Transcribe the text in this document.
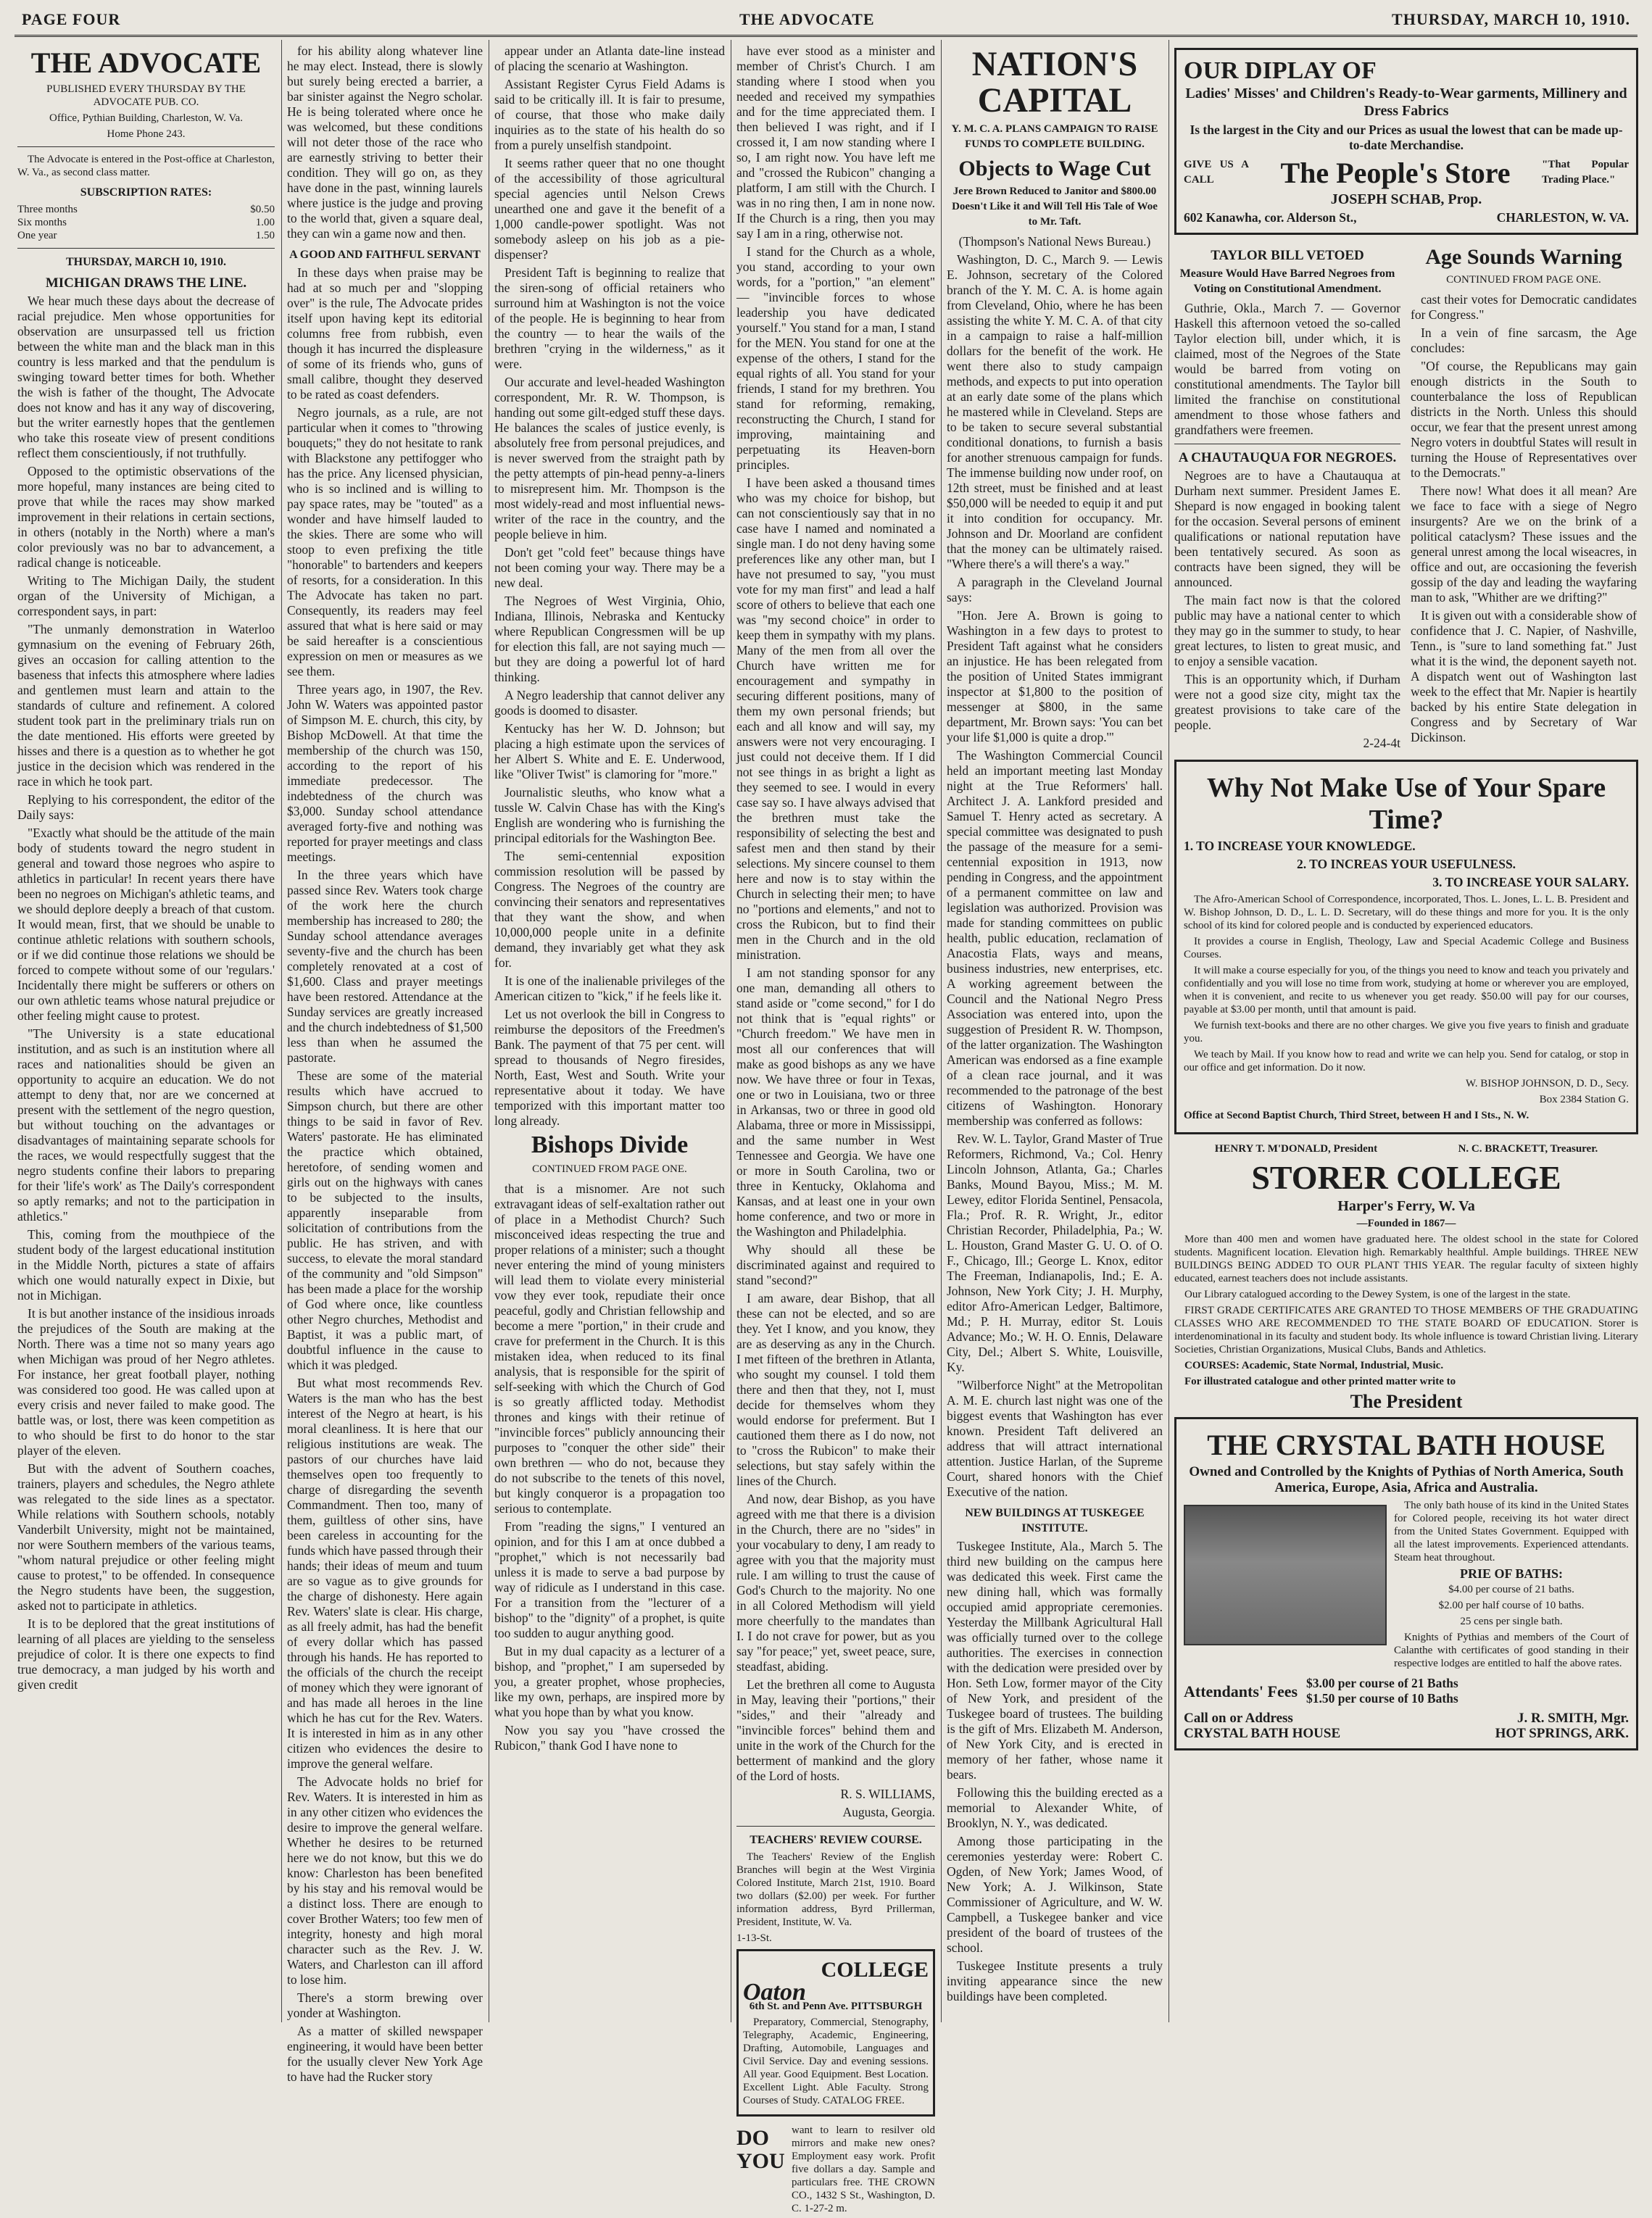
PAGE FOUR	THE ADVOCATE	THURSDAY, MARCH 10, 1910.
THE ADVOCATE

PUBLISHED EVERY THURSDAY BY THE ADVOCATE PUB. CO.

Office, Pythian Building, Charleston, W. Va.

Home Phone 243.

The Advocate is entered in the Post-office at Charleston, W. Va., as second class matter.

SUBSCRIPTION RATES:

Three months	$0.50
Six months	1.00
One year	1.50

THURSDAY, MARCH 10, 1910.

MICHIGAN DRAWS THE LINE.

We hear much these days about the decrease of racial prejudice. Men whose opportunities for observation are unsurpassed tell us friction between the white man and the black man in this country is less marked and that the pendulum is swinging toward better times for both. Whether the wish is father of the thought, The Advocate does not know and has it any way of discovering, but the writer earnestly hopes that the gentlemen who take this roseate view of present conditions reflect them conscientiously, if not truthfully.

Opposed to the optimistic observations of the more hopeful, many instances are being cited to prove that while the races may show marked improvement in their relations in certain sections, in others (notably in the North) where a man's color previously was no bar to advancement, a radical change is noticeable.

Writing to The Michigan Daily, the student organ of the University of Michigan, a correspondent says, in part:

"The unmanly demonstration in Waterloo gymnasium on the evening of February 26th, gives an occasion for calling attention to the baseness that infects this atmosphere where ladies and gentlemen must learn and attain to the standards of culture and refinement. A colored student took part in the preliminary trials run on the date mentioned. His efforts were greeted by hisses and there is a question as to whether he got justice in the decision which was rendered in the race in which he took part.

Replying to his correspondent, the editor of the Daily says:

"Exactly what should be the attitude of the main body of students toward the negro student in general and toward those negroes who aspire to athletics in particular! In recent years there have been no negroes on Michigan's athletic teams, and we should deplore deeply a breach of that custom. It would mean, first, that we should be unable to continue athletic relations with southern schools, or if we did continue those relations we should be forced to compete without some of our 'regulars.' Incidentally there might be sufferers or others on our own athletic teams whose natural prejudice or other feeling might cause to protest.

"The University is a state educational institution, and as such is an institution where all races and nationalities should be given an opportunity to acquire an education. We do not attempt to deny that, nor are we concerned at present with the settlement of the negro question, but without touching on the advantages or disadvantages of maintaining separate schools for the races, we would respectfully suggest that the negro students confine their labors to preparing for their 'life's work' as The Daily's correspondent so aptly remarks; and not to the participation in athletics."

This, coming from the mouthpiece of the student body of the largest educational institution in the Middle North, pictures a state of affairs which one would naturally expect in Dixie, but not in Michigan.

It is but another instance of the insidious inroads the prejudices of the South are making at the North. There was a time not so many years ago when Michigan was proud of her Negro athletes. For instance, her great football player, nothing was considered too good. He was called upon at every crisis and never failed to make good. The battle was, or lost, there was keen competition as to who should be first to do honor to the star player of the eleven.

But with the advent of Southern coaches, trainers, players and schedules, the Negro athlete was relegated to the side lines as a spectator. While relations with Southern schools, notably Vanderbilt University, might not be maintained, nor were Southern members of the various teams, "whom natural prejudice or other feeling might cause to protest," to be offended. In consequence the Negro students have been, the suggestion, asked not to participate in athletics.

It is to be deplored that the great institutions of learning of all places are yielding to the senseless prejudice of color. It is there one expects to find true democracy, a man judged by his worth and given credit

for his ability along whatever line he may elect. Instead, there is slowly but surely being erected a barrier, a bar sinister against the Negro scholar. He is being tolerated where once he was welcomed, but these conditions will not deter those of the race who are earnestly striving to better their condition. They will go on, as they have done in the past, winning laurels where justice is the judge and proving to the world that, given a square deal, they can win a game now and then.

A GOOD AND FAITHFUL SERVANT

In these days when praise may be had at so much per and "slopping over" is the rule, The Advocate prides itself upon having kept its editorial columns free from rubbish, even though it has incurred the displeasure of some of its friends who, guns of small calibre, thought they deserved to be rated as coast defenders.

Negro journals, as a rule, are not particular when it comes to "throwing bouquets;" they do not hesitate to rank with Blackstone any pettifogger who has the price. Any licensed physician, who is so inclined and is willing to pay space rates, may be "touted" as a wonder and have himself lauded to the skies. There are some who will stoop to even prefixing the title "honorable" to bartenders and keepers of resorts, for a consideration. In this The Advocate has taken no part. Consequently, its readers may feel assured that what is here said or may be said hereafter is a conscientious expression on men or measures as we see them.

Three years ago, in 1907, the Rev. John W. Waters was appointed pastor of Simpson M. E. church, this city, by Bishop McDowell. At that time the membership of the church was 150, according to the report of his immediate predecessor. The indebtedness of the church was $3,000. Sunday school attendance averaged forty-five and nothing was reported for prayer meetings and class meetings.

In the three years which have passed since Rev. Waters took charge of the work here the church membership has increased to 280; the Sunday school attendance averages seventy-five and the church has been completely renovated at a cost of $1,600. Class and prayer meetings have been restored. Attendance at the Sunday services are greatly increased and the church indebtedness of $1,500 less than when he assumed the pastorate.

These are some of the material results which have accrued to Simpson church, but there are other things to be said in favor of Rev. Waters' pastorate. He has eliminated the practice which obtained, heretofore, of sending women and girls out on the highways with canes to be subjected to the insults, apparently inseparable from solicitation of contributions from the public. He has striven, and with success, to elevate the moral standard of the community and "old Simpson" has been made a place for the worship of God where once, like countless other Negro churches, Methodist and Baptist, it was a public mart, of doubtful influence in the cause to which it was pledged.

But what most recommends Rev. Waters is the man who has the best interest of the Negro at heart, is his moral cleanliness. It is here that our religious institutions are weak. The pastors of our churches have laid themselves open too frequently to charge of disregarding the seventh Commandment. Then too, many of them, guiltless of other sins, have been careless in accounting for the funds which have passed through their hands; their ideas of meum and tuum are so vague as to give grounds for the charge of dishonesty. Here again Rev. Waters' slate is clear. His charge, as all freely admit, has had the benefit of every dollar which has passed through his hands. He has reported to the officials of the church the receipt of money which they were ignorant of and has made all heroes in the line which he has cut for the Rev. Waters. It is interested in him as in any other citizen who evidences the desire to improve the general welfare.

The Advocate holds no brief for Rev. Waters. It is interested in him as in any other citizen who evidences the desire to improve the general welfare. Whether he desires to be returned here we do not know, but this we do know: Charleston has been benefited by his stay and his removal would be a distinct loss. There are enough to cover Brother Waters; too few men of integrity, honesty and high moral character such as the Rev. J. W. Waters, and Charleston can ill afford to lose him.

There's a storm brewing over yonder at Washington.

As a matter of skilled newspaper engineering, it would have been better for the usually clever New York Age to have had the Rucker story

appear under an Atlanta date-line instead of placing the scenario at Washington.

Assistant Register Cyrus Field Adams is said to be critically ill. It is fair to presume, of course, that those who make daily inquiries as to the state of his health do so from a purely unselfish standpoint.

It seems rather queer that no one thought of the accessibility of those agricultural special agencies until Nelson Crews unearthed one and gave it the benefit of a 1,000 candle-power spotlight. Was not somebody asleep on his job as a pie-dispenser?

President Taft is beginning to realize that the siren-song of official retainers who surround him at Washington is not the voice of the people. He is beginning to hear from the country — to hear the wails of the brethren "crying in the wilderness," as it were.

Our accurate and level-headed Washington correspondent, Mr. R. W. Thompson, is handing out some gilt-edged stuff these days. He balances the scales of justice evenly, is absolutely free from personal prejudices, and is never swerved from the straight path by the petty attempts of pin-head penny-a-liners to misrepresent him. Mr. Thompson is the most widely-read and most influential news-writer of the race in the country, and the people believe in him.

Don't get "cold feet" because things have not been coming your way. There may be a new deal.

The Negroes of West Virginia, Ohio, Indiana, Illinois, Nebraska and Kentucky where Republican Congressmen will be up for election this fall, are not saying much — but they are doing a powerful lot of hard thinking.

A Negro leadership that cannot deliver any goods is doomed to disaster.

Kentucky has her W. D. Johnson; but placing a high estimate upon the services of her Albert S. White and E. E. Underwood, like "Oliver Twist" is clamoring for "more."

Journalistic sleuths, who know what a tussle W. Calvin Chase has with the King's English are wondering who is furnishing the principal editorials for the Washington Bee.

The semi-centennial exposition commission resolution will be passed by Congress. The Negroes of the country are convincing their senators and representatives that they want the show, and when 10,000,000 people unite in a definite demand, they invariably get what they ask for.

It is one of the inalienable privileges of the American citizen to "kick," if he feels like it.

Let us not overlook the bill in Congress to reimburse the depositors of the Freedmen's Bank. The payment of that 75 per cent. will spread to thousands of Negro firesides, North, East, West and South. Write your representative about it today. We have temporized with this important matter too long already.

Bishops Divide

CONTINUED FROM PAGE ONE.

that is a misnomer. Are not such extravagant ideas of self-exaltation rather out of place in a Methodist Church? Such misconceived ideas respecting the true and proper relations of a minister; such a thought never entering the mind of young ministers will lead them to violate every ministerial vow they ever took, repudiate their once peaceful, godly and Christian fellowship and become a mere "portion," in their crude and crave for preferment in the Church. It is this mistaken idea, when reduced to its final analysis, that is responsible for the spirit of self-seeking with which the Church of God is so greatly afflicted today. Methodist thrones and kings with their retinue of "invincible forces" publicly announcing their purposes to "conquer the other side" their own brethren — who do not, because they do not subscribe to the tenets of this novel, but kingly conqueror is a propagation too serious to contemplate.

From "reading the signs," I ventured an opinion, and for this I am at once dubbed a "prophet," which is not necessarily bad unless it is made to serve a bad purpose by way of ridicule as I understand in this case. For a transition from the "lecturer of a bishop" to the "dignity" of a prophet, is quite too sudden to augur anything good.

But in my dual capacity as a lecturer of a bishop, and "prophet," I am superseded by you, a greater prophet, whose prophecies, like my own, perhaps, are inspired more by what you hope than by what you know.

Now you say you "have crossed the Rubicon," thank God I have none to

have ever stood as a minister and member of Christ's Church. I am standing where I stood when you needed and received my sympathies and for the time appreciated them. I then believed I was right, and if I crossed it, I am now standing where I so, I am right now. You have left me and "crossed the Rubicon" changing a platform, I am still with the Church. I was in no ring then, I am in none now. If the Church is a ring, then you may say I am in a ring, otherwise not.

I stand for the Church as a whole, you stand, according to your own words, for a "portion," "an element" — "invincible forces to whose leadership you have dedicated yourself." You stand for a man, I stand for the MEN. You stand for one at the expense of the others, I stand for the equal rights of all. You stand for your friends, I stand for my brethren. You stand for reforming, remaking, reconstructing the Church, I stand for improving, maintaining and perpetuating its Heaven-born principles.

I have been asked a thousand times who was my choice for bishop, but can not conscientiously say that in no case have I named and nominated a single man. I do not deny having some preferences like any other man, but I have not presumed to say, "you must vote for my man first" and lead a half score of others to believe that each one was "my second choice" in order to keep them in sympathy with my plans. Many of the men from all over the Church have written me for encouragement and sympathy in securing different positions, many of them my own personal friends; but each and all know and will say, my answers were not very encouraging. I just could not deceive them. If I did not see things in as bright a light as they seemed to see. I would in every case say so. I have always advised that the brethren must take the responsibility of selecting the best and safest men and then stand by their selections. My sincere counsel to them here and now is to stay within the Church in selecting their men; to have no "portions and elements," and not to cross the Rubicon, but to find their men in the Church and in the old ministration.

I am not standing sponsor for any one man, demanding all others to stand aside or "come second," for I do not think that is "equal rights" or "Church freedom." We have men in most all our conferences that will make as good bishops as any we have now. We have three or four in Texas, one or two in Louisiana, two or three in Arkansas, two or three in good old Alabama, three or more in Mississippi, and the same number in West Tennessee and Georgia. We have one or more in South Carolina, two or three in Kentucky, Oklahoma and Kansas, and at least one in your own home conference, and two or more in the Washington and Philadelphia.

Why should all these be discriminated against and required to stand "second?"

I am aware, dear Bishop, that all these can not be elected, and so are they. Yet I know, and you know, they are as deserving as any in the Church. I met fifteen of the brethren in Atlanta, who sought my counsel. I told them there and then that they, not I, must decide for themselves whom they would endorse for preferment. But I cautioned them there as I do now, not to "cross the Rubicon" to make their selections, but stay safely within the lines of the Church.

And now, dear Bishop, as you have agreed with me that there is a division in the Church, there are no "sides" in your vocabulary to deny, I am ready to agree with you that the majority must rule. I am willing to trust the cause of God's Church to the majority. No one in all Colored Methodism will yield more cheerfully to the mandates than I. I do not crave for power, but as you say "for peace;" yet, sweet peace, sure, steadfast, abiding.

Let the brethren all come to Augusta in May, leaving their "portions," their "sides," and their "already and "invincible forces" behind them and unite in the work of the Church for the betterment of mankind and the glory of the Lord of hosts.

R. S. WILLIAMS,

Augusta, Georgia.

TEACHERS' REVIEW COURSE.

The Teachers' Review of the English Branches will begin at the West Virginia Colored Institute, March 21st, 1910. Board two dollars ($2.00) per week. For further information address, Byrd Prillerman, President, Institute, W. Va.

1-13-St.

COLLEGE
Oaton

6th St. and Penn Ave. PITTSBURGH

Preparatory, Commercial, Stenography, Telegraphy, Academic, Engineering, Drafting, Automobile, Languages and Civil Service. Day and evening sessions. All year. Good Equipment. Best Location. Excellent Light. Able Faculty. Strong Courses of Study. CATALOG FREE.

DO YOU

want to learn to resilver old mirrors and make new ones? Employment easy work. Profit five dollars a day. Sample and particulars free. THE CROWN CO., 1432 S St., Washington, D. C. 1-27-2 m.

NATION'S CAPITAL

Y. M. C. A. PLANS CAMPAIGN TO RAISE FUNDS TO COMPLETE BUILDING.

Objects to Wage Cut

Jere Brown Reduced to Janitor and $800.00 Doesn't Like it and Will Tell His Tale of Woe to Mr. Taft.

(Thompson's National News Bureau.)

Washington, D. C., March 9. — Lewis E. Johnson, secretary of the Colored branch of the Y. M. C. A. is home again from Cleveland, Ohio, where he has been assisting the white Y. M. C. A. of that city in a campaign to raise a half-million dollars for the benefit of the work. He went there also to study campaign methods, and expects to put into operation at an early date some of the plans which he mastered while in Cleveland. Steps are to be taken to secure several substantial conditional donations, to furnish a basis for another strenuous campaign for funds. The immense building now under roof, on 12th street, must be finished and at least $50,000 will be needed to equip it and put it into condition for occupancy. Mr. Johnson and Dr. Moorland are confident that the money can be ultimately raised. "Where there's a will there's a way."

A paragraph in the Cleveland Journal says:

"Hon. Jere A. Brown is going to Washington in a few days to protest to President Taft against what he considers an injustice. He has been relegated from the position of United States immigrant inspector at $1,800 to the position of messenger at $800, in the same department, Mr. Brown says: 'You can bet your life $1,000 is quite a drop.'"

The Washington Commercial Council held an important meeting last Monday night at the True Reformers' hall. Architect J. A. Lankford presided and Samuel T. Henry acted as secretary. A special committee was designated to push the passage of the measure for a semi-centennial exposition in 1913, now pending in Congress, and the appointment of a permanent committee on law and legislation was authorized. Provision was made for standing committees on public health, public education, reclamation of Anacostia Flats, ways and means, business industries, new enterprises, etc. A working agreement between the Council and the National Negro Press Association was entered into, upon the suggestion of President R. W. Thompson, of the latter organization. The Washington American was endorsed as a fine example of a clean race journal, and it was recommended to the patronage of the best citizens of Washington. Honorary membership was conferred as follows:

Rev. W. L. Taylor, Grand Master of True Reformers, Richmond, Va.; Col. Henry Lincoln Johnson, Atlanta, Ga.; Charles Banks, Mound Bayou, Miss.; M. M. Lewey, editor Florida Sentinel, Pensacola, Fla.; Prof. R. R. Wright, Jr., editor Christian Recorder, Philadelphia, Pa.; W. L. Houston, Grand Master G. U. O. of O. F., Chicago, Ill.; George L. Knox, editor The Freeman, Indianapolis, Ind.; E. A. Johnson, New York City; J. H. Murphy, editor Afro-American Ledger, Baltimore, Md.; P. H. Murray, editor St. Louis Advance; Mo.; W. H. O. Ennis, Delaware City, Del.; Albert S. White, Louisville, Ky.

"Wilberforce Night" at the Metropolitan A. M. E. church last night was one of the biggest events that Washington has ever known. President Taft delivered an address that will attract international attention. Justice Harlan, of the Supreme Court, shared honors with the Chief Executive of the nation.

NEW BUILDINGS AT TUSKEGEE INSTITUTE.

Tuskegee Institute, Ala., March 5. The third new building on the campus here was dedicated this week. First came the new dining hall, which was formally occupied amid appropriate ceremonies. Yesterday the Millbank Agricultural Hall was officially turned over to the college authorities. The exercises in connection with the dedication were presided over by Hon. Seth Low, former mayor of the City of New York, and president of the Tuskegee board of trustees. The building is the gift of Mrs. Elizabeth M. Anderson, of New York City, and is erected in memory of her father, whose name it bears.

Following this the building erected as a memorial to Alexander White, of Brooklyn, N. Y., was dedicated.

Among those participating in the ceremonies yesterday were: Robert C. Ogden, of New York; James Wood, of New York; A. J. Wilkinson, State Commissioner of Agriculture, and W. W. Campbell, a Tuskegee banker and vice president of the board of trustees of the school.

Tuskegee Institute presents a truly inviting appearance since the new buildings have been completed.

OUR DIPLAY OF

Ladies' Misses' and Children's Ready-to-Wear garments, Millinery and Dress Fabrics

Is the largest in the City and our Prices as usual the lowest that can be made up-to-date Merchandise.

GIVE US A CALL	The People's Store	"That Popular Trading Place."

JOSEPH SCHAB, Prop.

602 Kanawha, cor. Alderson St.,	CHARLESTON, W. VA.

TAYLOR BILL VETOED

Measure Would Have Barred Negroes from Voting on Constitutional Amendment.

Guthrie, Okla., March 7. — Governor Haskell this afternoon vetoed the so-called Taylor election bill, under which, it is claimed, most of the Negroes of the State would be barred from voting on constitutional amendments. The Taylor bill limited the franchise on constitutional amendment to those whose fathers and grandfathers were freemen.

A CHAUTAUQUA FOR NEGROES.

Negroes are to have a Chautauqua at Durham next summer. President James E. Shepard is now engaged in booking talent for the occasion. Several persons of eminent qualifications or national reputation have been tentatively secured. As soon as contracts have been signed, they will be announced.

The main fact now is that the colored public may have a national center to which they may go in the summer to study, to hear great lectures, to listen to great music, and to enjoy a sensible vacation.

This is an opportunity which, if Durham were not a good size city, might tax the greatest provisions to take care of the people.

2-24-4t

Age Sounds Warning

CONTINUED FROM PAGE ONE.

cast their votes for Democratic candidates for Congress."

In a vein of fine sarcasm, the Age concludes:

"Of course, the Republicans may gain enough districts in the South to counterbalance the loss of Republican districts in the North. Unless this should occur, we fear that the present unrest among Negro voters in doubtful States will result in turning the House of Representatives over to the Democrats."

There now! What does it all mean? Are we face to face with a siege of Negro insurgents? Are we on the brink of a political cataclysm? These issues and the general unrest among the local wiseacres, in office and out, are occasioning the feverish gossip of the day and leading the wayfaring man to ask, "Whither are we drifting?"

It is given out with a considerable show of confidence that J. C. Napier, of Nashville, Tenn., is "sure to land something fat." Just what it is the wind, the deponent sayeth not. A dispatch went out of Washington last week to the effect that Mr. Napier is heartily backed by his entire State delegation in Congress and by Secretary of War Dickinson.

Why Not Make Use of Your Spare Time?

1. TO INCREASE YOUR KNOWLEDGE.

2. TO INCREAS YOUR USEFULNESS.

3. TO INCREASE YOUR SALARY.

The Afro-American School of Correspondence, incorporated, Thos. L. Jones, L. L. B. President and W. Bishop Johnson, D. D., L. L. D. Secretary, will do these things and more for you. It is the only school of its kind for colored people and is conducted by experienced educators.

It provides a course in English, Theology, Law and Special Academic College and Business Courses.

It will make a course especially for you, of the things you need to know and teach you privately and confidentially and you will lose no time from work, studying at home or wherever you are employed, when it is convenient, and recite to us whenever you get ready. $50.00 will pay for our courses, payable at $3.00 per month, until that amount is paid.

We furnish text-books and there are no other charges. We give you five years to finish and graduate you.

We teach by Mail. If you know how to read and write we can help you. Send for catalog, or stop in our office and get information. Do it now.

W. BISHOP JOHNSON, D. D., Secy.

Box 2384 Station G.

Office at Second Baptist Church, Third Street, between H and I Sts., N. W.

HENRY T. M'DONALD, President	N. C. BRACKETT, Treasurer.
STORER COLLEGE

Harper's Ferry, W. Va

—Founded in 1867—

More than 400 men and women have graduated here. The oldest school in the state for Colored students. Magnificent location. Elevation high. Remarkably healthful. Ample buildings. THREE NEW BUILDINGS BEING ADDED TO OUR PLANT THIS YEAR. The regular faculty of sixteen highly educated, earnest teachers does not include assistants.

Our Library catalogued according to the Dewey System, is one of the largest in the state.

FIRST GRADE CERTIFICATES ARE GRANTED TO THOSE MEMBERS OF THE GRADUATING CLASSES WHO ARE RECOMMENDED TO THE STATE BOARD OF EDUCATION. Storer is interdenominational in its faculty and student body. Its whole influence is toward Christian living. Literary Societies, Christian Organizations, Musical Clubs, Bands and Athletics.

COURSES: Academic, State Normal, Industrial, Music.

For illustrated catalogue and other printed matter write to

The President

THE CRYSTAL BATH HOUSE

Owned and Controlled by the Knights of Pythias of North America, South America, Europe, Asia, Africa and Australia.

The only bath house of its kind in the United States for Colored people, receiving its hot water direct from the United States Government. Equipped with all the latest improvements. Experienced attendants. Steam heat throughout.

PRIE OF BATHS:

$4.00 per course of 21 baths.

$2.00 per half course of 10 baths.

25 cens per single bath.

Knights of Pythias and members of the Court of Calanthe with certificates of good standing in their respective lodges are entitled to half the above rates.

Attendants' Fees $3.00 per course of 21 Baths
$1.50 per course of 10 Baths
Call on or Address
CRYSTAL BATH HOUSE
J. R. SMITH, Mgr.
HOT SPRINGS, ARK.
